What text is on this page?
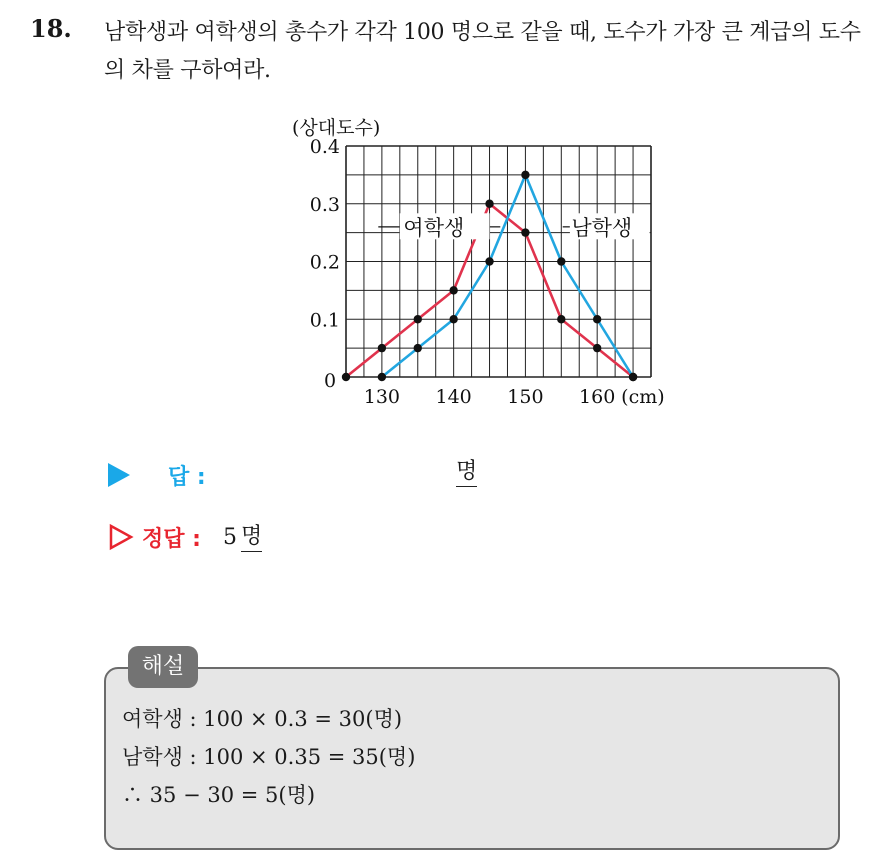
18. 남학생과 여학생의 총수가 각각 100 명으로 같을 때, 도수가 가장 큰 계급의 도수의 차를 구하여라.
(상대도수)
0
0.1
0.2
0.3
0.4
130 140 150 160 (cm)
여학생	남학생
답 :	명
정답 : 5 명
해설
여학생 : 100 × 0.3 = 30(명)
남학생 : 100 × 0.35 = 35(명)
∴ 35 − 30 = 5(명)
